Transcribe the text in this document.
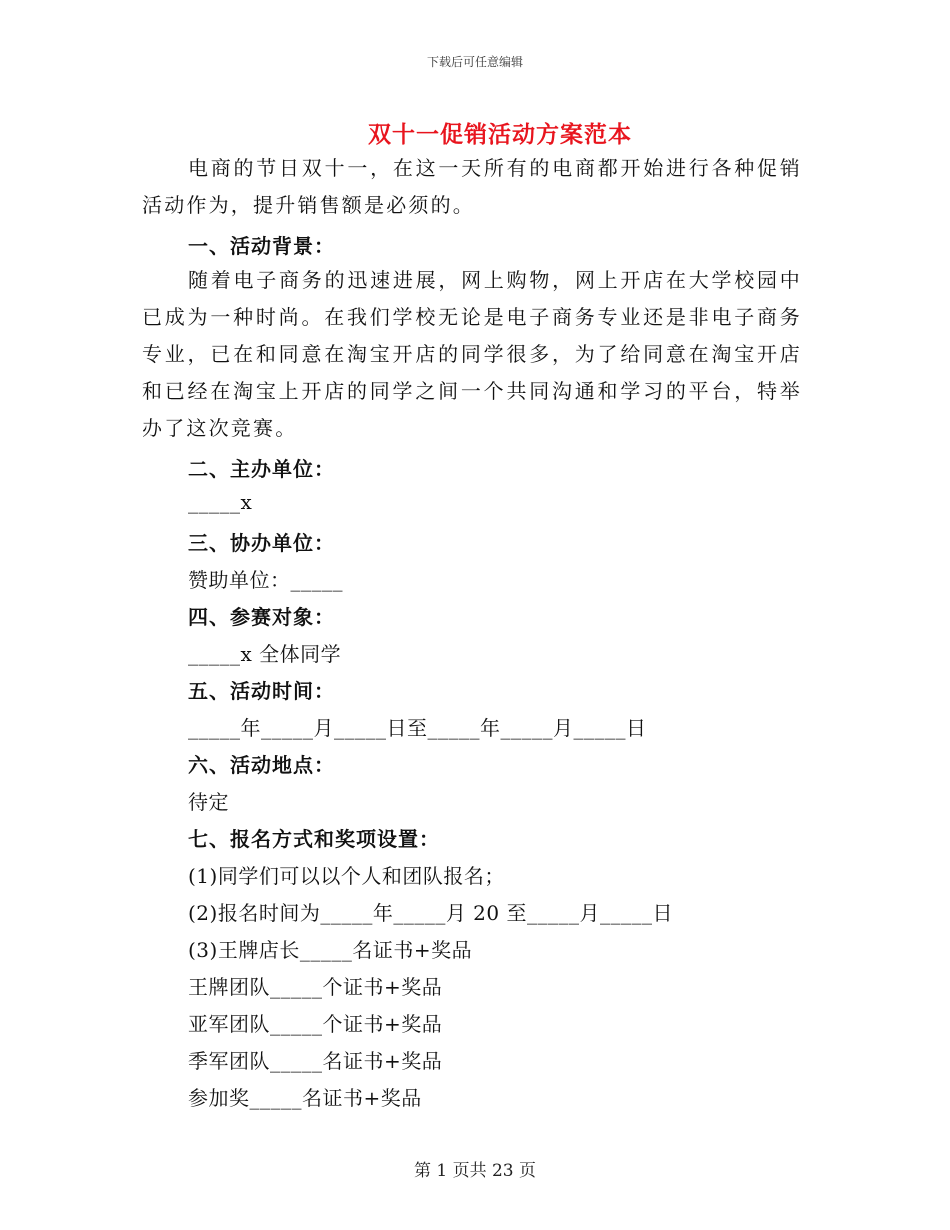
下载后可任意编辑
双十一促销活动方案范本
电商的节日双十一，在这一天所有的电商都开始进行各种促销活动作为，提升销售额是必须的。
一、活动背景：
随着电子商务的迅速进展，网上购物，网上开店在大学校园中已成为一种时尚。在我们学校无论是电子商务专业还是非电子商务专业，已在和同意在淘宝开店的同学很多，为了给同意在淘宝开店和已经在淘宝上开店的同学之间一个共同沟通和学习的平台，特举办了这次竞赛。
二、主办单位：
_____x
三、协办单位：
赞助单位：_____
四、参赛对象：
_____x 全体同学
五、活动时间：
_____年_____月_____日至_____年_____月_____日
六、活动地点：
待定
七、报名方式和奖项设置：
(1)同学们可以以个人和团队报名；
(2)报名时间为_____年_____月 20 至_____月_____日
(3)王牌店长_____名证书+奖品
王牌团队_____个证书+奖品
亚军团队_____个证书+奖品
季军团队_____名证书+奖品
参加奖_____名证书+奖品
第 1 页共 23 页
